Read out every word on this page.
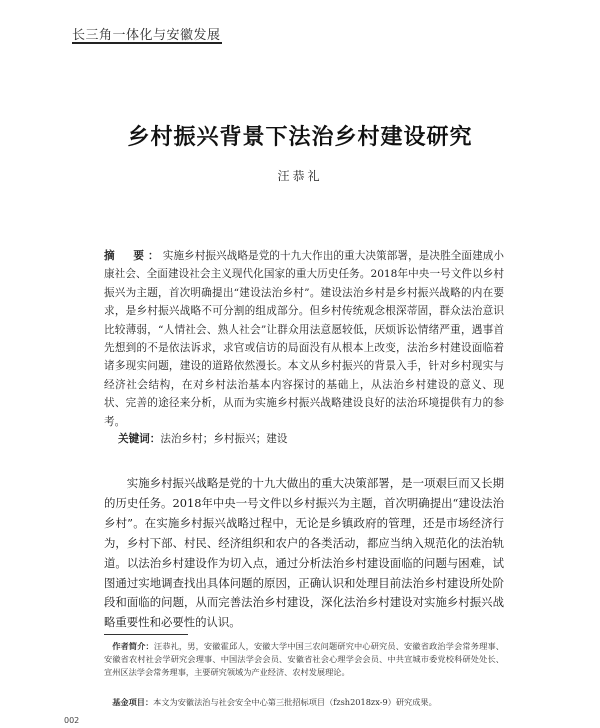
长三角一体化与安徽发展
乡村振兴背景下法治乡村建设研究
汪恭礼
摘　要：实施乡村振兴战略是党的十九大作出的重大决策部署，是决胜全面建成小康社会、全面建设社会主义现代化国家的重大历史任务。2018年中央一号文件以乡村振兴为主题，首次明确提出“建设法治乡村”。建设法治乡村是乡村振兴战略的内在要求，是乡村振兴战略不可分割的组成部分。但乡村传统观念根深蒂固，群众法治意识比较薄弱，“人情社会、熟人社会”让群众用法意愿较低，厌烦诉讼情绪严重，遇事首先想到的不是依法诉求，求官或信访的局面没有从根本上改变，法治乡村建设面临着诸多现实问题，建设的道路依然漫长。本文从乡村振兴的背景入手，针对乡村现实与经济社会结构，在对乡村法治基本内容探讨的基础上，从法治乡村建设的意义、现状、完善的途径来分析，从而为实施乡村振兴战略建设良好的法治环境提供有力的参考。
关键词：法治乡村；乡村振兴；建设

实施乡村振兴战略是党的十九大做出的重大决策部署，是一项艰巨而又长期的历史任务。2018年中央一号文件以乡村振兴为主题，首次明确提出“建设法治乡村”。在实施乡村振兴战略过程中，无论是乡镇政府的管理，还是市场经济行为，乡村下部、村民、经济组织和农户的各类活动，都应当纳入规范化的法治轨道。以法治乡村建设作为切入点，通过分析法治乡村建设面临的问题与困难，试图通过实地调查找出具体问题的原因，正确认识和处理目前法治乡村建设所处阶段和面临的问题，从而完善法治乡村建设，深化法治乡村建设对实施乡村振兴战略重要性和必要性的认识。

作者简介：汪恭礼，男，安徽霍邱人，安徽大学中国三农问题研究中心研究员、安徽省政治学会常务理事、安徽省农村社会学研究会理事、中国法学会会员、安徽省社会心理学会会员、中共宣城市委党校科研处处长、宣州区法学会常务理事，主要研究领域为产业经济、农村发展理论。
基金项目：本文为安徽法治与社会安全中心第三批招标项目（fzsh2018zx-9）研究成果。
002
